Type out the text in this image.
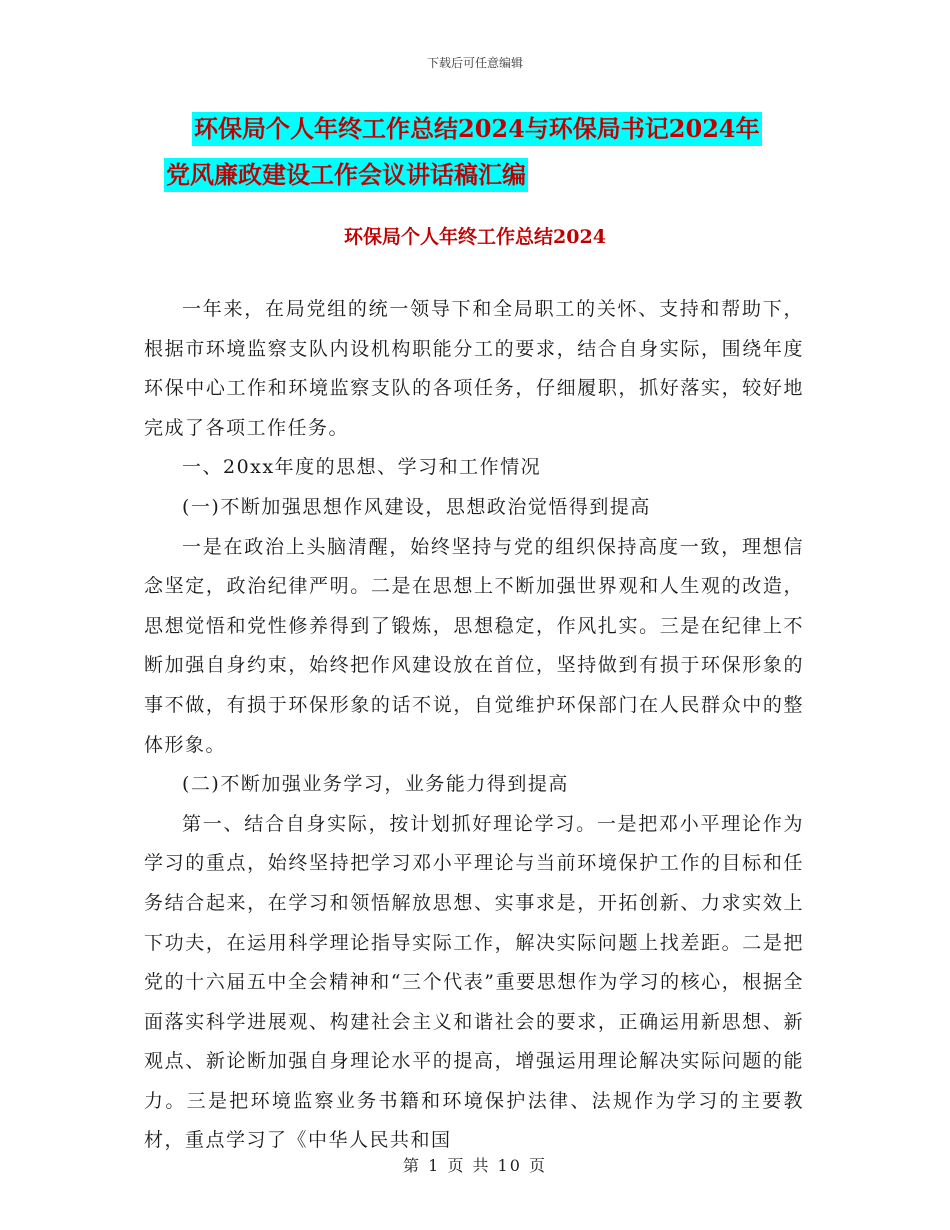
下载后可任意编辑
环保局个人年终工作总结2024与环保局书记2024年
党风廉政建设工作会议讲话稿汇编
环保局个人年终工作总结2024

一年来，在局党组的统一领导下和全局职工的关怀、支持和帮助下，根据市环境监察支队内设机构职能分工的要求，结合自身实际，围绕年度环保中心工作和环境监察支队的各项任务，仔细履职，抓好落实，较好地完成了各项工作任务。

一、20xx年度的思想、学习和工作情况

(一)不断加强思想作风建设，思想政治觉悟得到提高

一是在政治上头脑清醒，始终坚持与党的组织保持高度一致，理想信念坚定，政治纪律严明。二是在思想上不断加强世界观和人生观的改造，思想觉悟和党性修养得到了锻炼，思想稳定，作风扎实。三是在纪律上不断加强自身约束，始终把作风建设放在首位，坚持做到有损于环保形象的事不做，有损于环保形象的话不说，自觉维护环保部门在人民群众中的整体形象。

(二)不断加强业务学习，业务能力得到提高

第一、结合自身实际，按计划抓好理论学习。一是把邓小平理论作为学习的重点，始终坚持把学习邓小平理论与当前环境保护工作的目标和任务结合起来，在学习和领悟解放思想、实事求是，开拓创新、力求实效上下功夫，在运用科学理论指导实际工作，解决实际问题上找差距。二是把党的十六届五中全会精神和“三个代表”重要思想作为学习的核心，根据全面落实科学进展观、构建社会主义和谐社会的要求，正确运用新思想、新观点、新论断加强自身理论水平的提高，增强运用理论解决实际问题的能力。三是把环境监察业务书籍和环境保护法律、法规作为学习的主要教材，重点学习了《中华人民共和国

第 1 页 共 10 页
